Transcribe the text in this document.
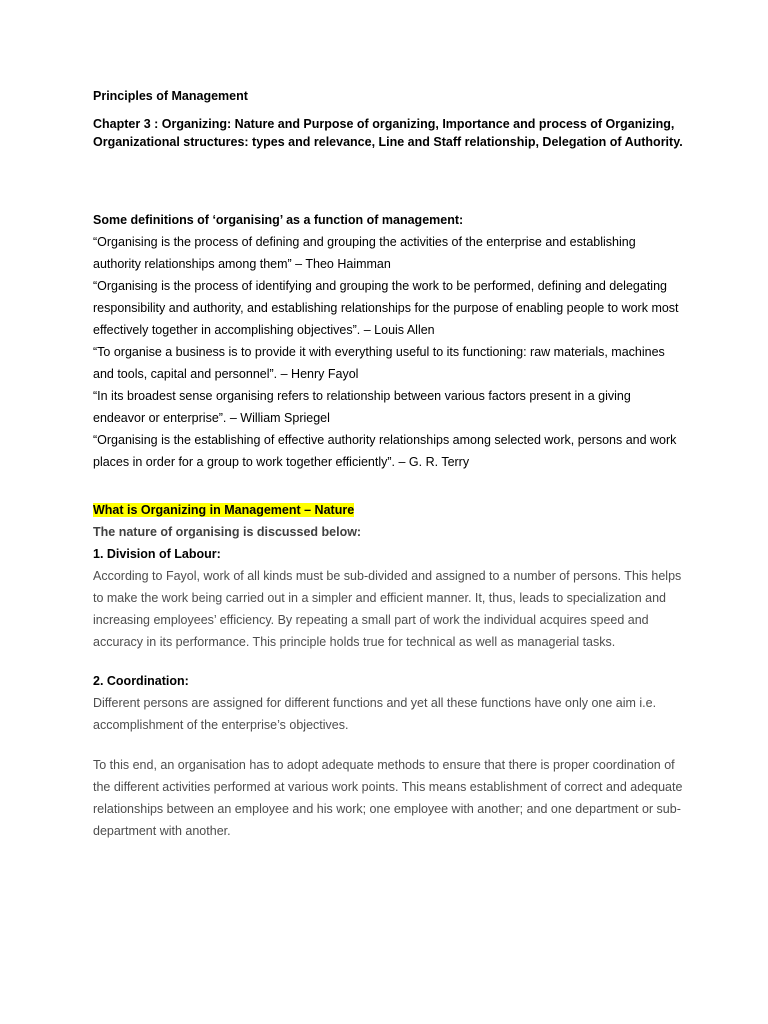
Principles of Management

Chapter 3 : Organizing: Nature and Purpose of organizing, Importance and process of Organizing, Organizational structures: types and relevance, Line and Staff relationship, Delegation of Authority.

Some definitions of ‘organising’ as a function of management:

“Organising is the process of defining and grouping the activities of the enterprise and establishing authority relationships among them” – Theo Haimman

“Organising is the process of identifying and grouping the work to be performed, defining and delegating responsibility and authority, and establishing relationships for the purpose of enabling people to work most effectively together in accomplishing objectives”. – Louis Allen

“To organise a business is to provide it with everything useful to its functioning: raw materials, machines and tools, capital and personnel”. – Henry Fayol

“In its broadest sense organising refers to relationship between various factors present in a giving endeavor or enterprise”. – William Spriegel

“Organising is the establishing of effective authority relationships among selected work, persons and work places in order for a group to work together efficiently”. – G. R. Terry

What is Organizing in Management – Nature

The nature of organising is discussed below:

1. Division of Labour:

According to Fayol, work of all kinds must be sub-divided and assigned to a number of persons. This helps to make the work being carried out in a simpler and efficient manner. It, thus, leads to specialization and increasing employees’ efficiency. By repeating a small part of work the individual acquires speed and accuracy in its performance. This principle holds true for technical as well as managerial tasks.

2. Coordination:

Different persons are assigned for different functions and yet all these functions have only one aim i.e. accomplishment of the enterprise’s objectives.

To this end, an organisation has to adopt adequate methods to ensure that there is proper coordination of the different activities performed at various work points. This means establishment of correct and adequate relationships between an employee and his work; one employee with another; and one department or sub-department with another.
